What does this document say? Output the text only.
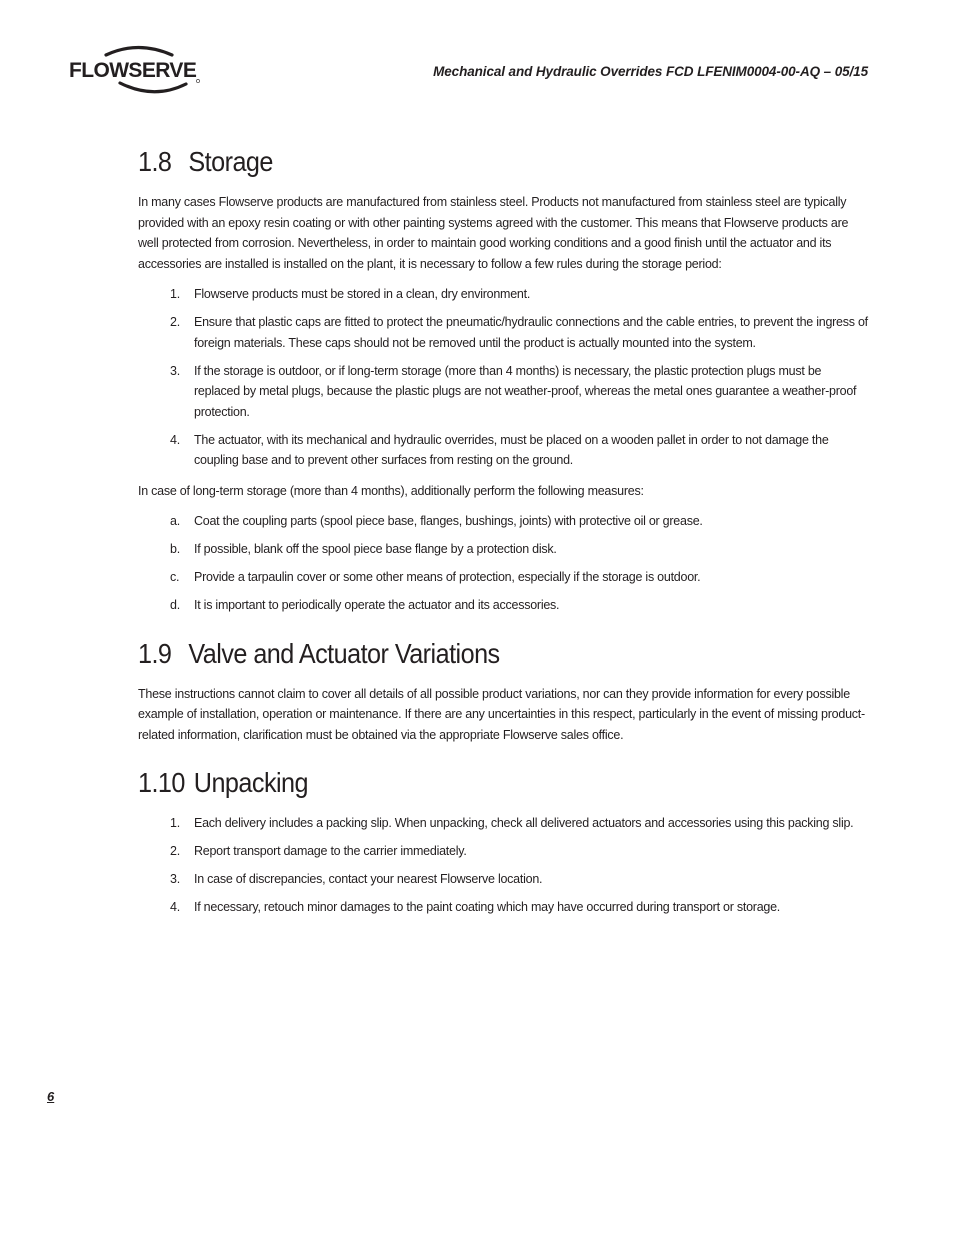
FLOWSERVE	Mechanical and Hydraulic Overrides FCD LFENIM0004-00-AQ – 05/15
1.8 Storage

In many cases Flowserve products are manufactured from stainless steel. Products not manufactured from stainless steel are typically provided with an epoxy resin coating or with other painting systems agreed with the customer. This means that Flowserve products are well protected from corrosion. Nevertheless, in order to maintain good working conditions and a good finish until the actuator and its accessories are installed is installed on the plant, it is necessary to follow a few rules during the storage period:

1. Flowserve products must be stored in a clean, dry environment.
2. Ensure that plastic caps are fitted to protect the pneumatic/hydraulic connections and the cable entries, to prevent the ingress of foreign materials. These caps should not be removed until the product is actually mounted into the system.
3. If the storage is outdoor, or if long-term storage (more than 4 months) is necessary, the plastic protection plugs must be replaced by metal plugs, because the plastic plugs are not weather-proof, whereas the metal ones guarantee a weather-proof protection.
4. The actuator, with its mechanical and hydraulic overrides, must be placed on a wooden pallet in order to not damage the coupling base and to prevent other surfaces from resting on the ground.

In case of long-term storage (more than 4 months), additionally perform the following measures:

a. Coat the coupling parts (spool piece base, flanges, bushings, joints) with protective oil or grease.
b. If possible, blank off the spool piece base flange by a protection disk.
c. Provide a tarpaulin cover or some other means of protection, especially if the storage is outdoor.
d. It is important to periodically operate the actuator and its accessories.
1.9 Valve and Actuator Variations

These instructions cannot claim to cover all details of all possible product variations, nor can they provide information for every possible example of installation, operation or maintenance. If there are any uncertainties in this respect, particularly in the event of missing product-related information, clarification must be obtained via the appropriate Flowserve sales office.

1.10 Unpacking
1. Each delivery includes a packing slip. When unpacking, check all delivered actuators and accessories using this packing slip.
2. Report transport damage to the carrier immediately.
3. In case of discrepancies, contact your nearest Flowserve location.
4. If necessary, retouch minor damages to the paint coating which may have occurred during transport or storage.
6
